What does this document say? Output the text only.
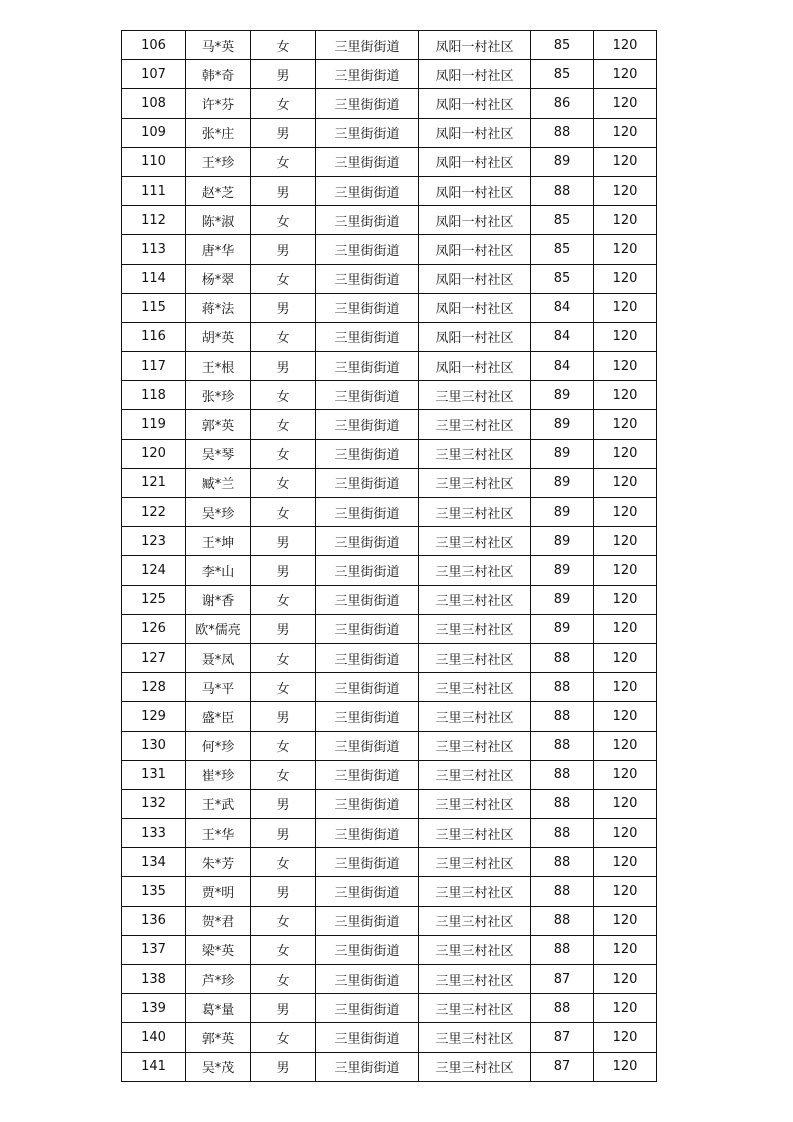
106	马*英	女	三里街街道	凤阳一村社区	85	120
107	韩*奇	男	三里街街道	凤阳一村社区	85	120
108	许*芬	女	三里街街道	凤阳一村社区	86	120
109	张*庄	男	三里街街道	凤阳一村社区	88	120
110	王*珍	女	三里街街道	凤阳一村社区	89	120
111	赵*芝	男	三里街街道	凤阳一村社区	88	120
112	陈*淑	女	三里街街道	凤阳一村社区	85	120
113	唐*华	男	三里街街道	凤阳一村社区	85	120
114	杨*翠	女	三里街街道	凤阳一村社区	85	120
115	蒋*法	男	三里街街道	凤阳一村社区	84	120
116	胡*英	女	三里街街道	凤阳一村社区	84	120
117	王*根	男	三里街街道	凤阳一村社区	84	120
118	张*珍	女	三里街街道	三里三村社区	89	120
119	郭*英	女	三里街街道	三里三村社区	89	120
120	吴*琴	女	三里街街道	三里三村社区	89	120
121	臧*兰	女	三里街街道	三里三村社区	89	120
122	吴*珍	女	三里街街道	三里三村社区	89	120
123	王*坤	男	三里街街道	三里三村社区	89	120
124	李*山	男	三里街街道	三里三村社区	89	120
125	谢*香	女	三里街街道	三里三村社区	89	120
126	欧*儒亮	男	三里街街道	三里三村社区	89	120
127	聂*凤	女	三里街街道	三里三村社区	88	120
128	马*平	女	三里街街道	三里三村社区	88	120
129	盛*臣	男	三里街街道	三里三村社区	88	120
130	何*珍	女	三里街街道	三里三村社区	88	120
131	崔*珍	女	三里街街道	三里三村社区	88	120
132	王*武	男	三里街街道	三里三村社区	88	120
133	王*华	男	三里街街道	三里三村社区	88	120
134	朱*芳	女	三里街街道	三里三村社区	88	120
135	贾*明	男	三里街街道	三里三村社区	88	120
136	贺*君	女	三里街街道	三里三村社区	88	120
137	梁*英	女	三里街街道	三里三村社区	88	120
138	芦*珍	女	三里街街道	三里三村社区	87	120
139	葛*量	男	三里街街道	三里三村社区	88	120
140	郭*英	女	三里街街道	三里三村社区	87	120
141	吴*茂	男	三里街街道	三里三村社区	87	120
